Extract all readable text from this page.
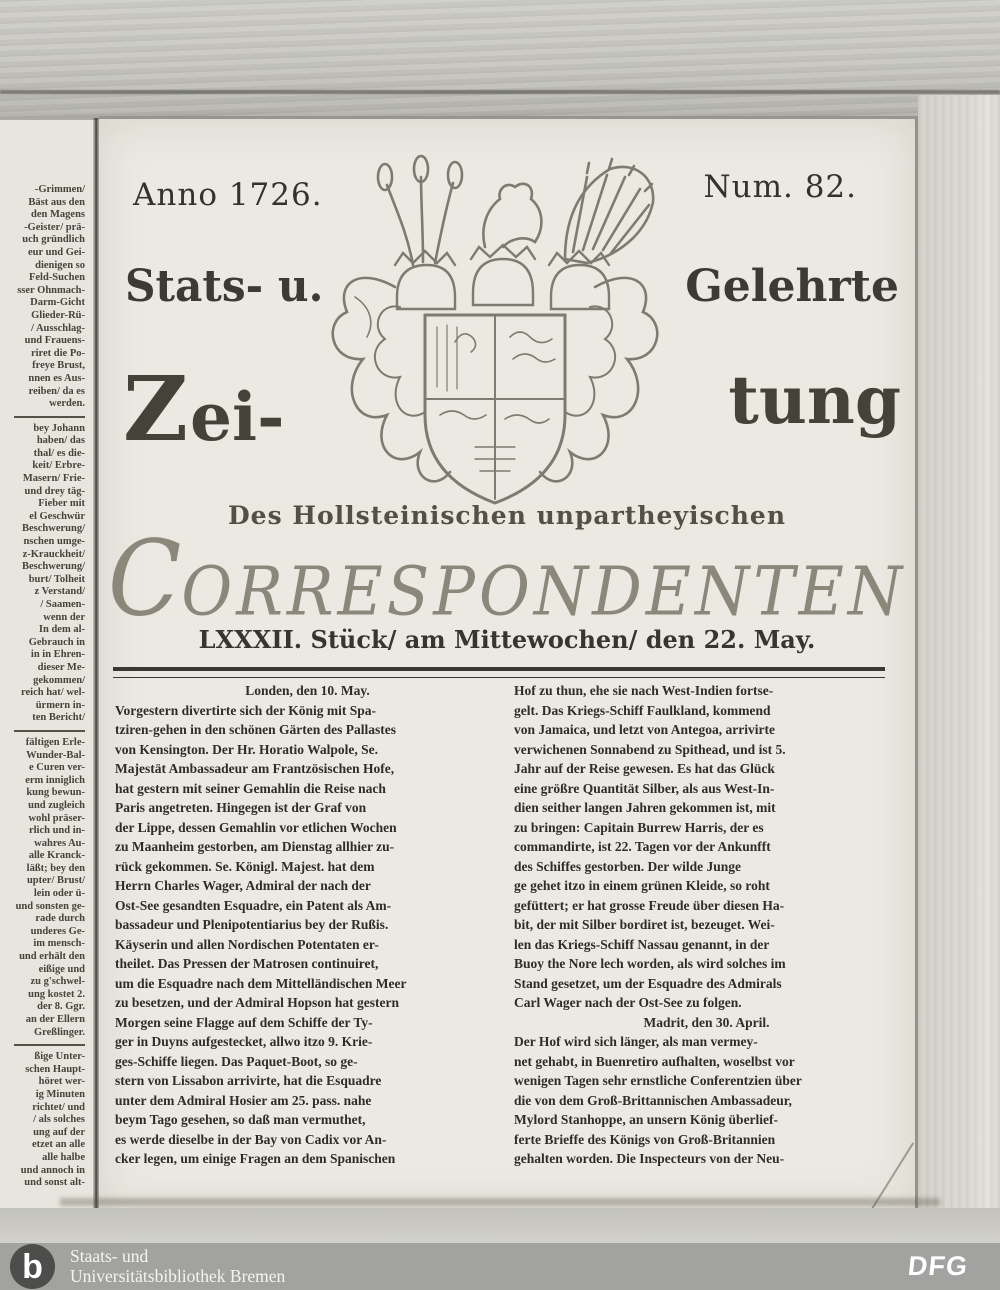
-Grimmen/
Bäst aus den
den Magens
-Geister/ prä-
uch gründlich
eur und Gei-
dienigen so
Feld-Suchen
sser Ohnmach-
Darm-Gicht
Glieder-Rü-
/ Ausschlag-
und Frauens-
riret die Po-
freye Brust,
nnen es Aus-
reiben/ da es
werden.
bey Johann
haben/ das
thal/ es die-
keit/ Erbre-
Masern/ Frie-
und drey täg-
Fieber mit
el Geschwür
Beschwerung/
nschen umge-
z-Krauckheit/
Beschwerung/
burt/ Tolheit
z Verstand/
/ Saamen-
wenn der
In dem al-
Gebrauch in
in in Ehren-
dieser Me-
gekommen/
reich hat/ wel-
ürmern in-
ten Bericht/
fältigen Erle-
Wunder-Bal-
e Curen ver-
erm inniglich
kung bewun-
und zugleich
wohl präser-
rlich und in-
wahres Au-
alle Kranck-
läßt; bey den
upter/ Brust/
lein oder ü-
und sonsten ge-
rade durch
underes Ge-
im mensch-
und erhält den
eißige und
zu g'schwel-
ung kostet 2.
der 8. Ggr.
an der Ellern
Greßlinger.
ßige Unter-
schen Haupt-
höret wer-
ig Minuten
richtet/ und
/ als solches
ung auf der
etzet an alle
alle halbe
und annoch in
und sonst alt-
Anno 1726.	Num. 82.
Stats- u.	Gelehrte
Zei-	tung
Des Hollsteinischen unpartheyischen
CORRESPONDENTEN
LXXXII. Stück/ am Mittewochen/ den 22. May.
Londen, den 10. May.
Vorgestern divertirte sich der König mit Spa-
tziren-gehen in den schönen Gärten des Pallastes
von Kensington. Der Hr. Horatio Walpole, Se.
Majestät Ambassadeur am Frantzösischen Hofe,
hat gestern mit seiner Gemahlin die Reise nach
Paris angetreten. Hingegen ist der Graf von
der Lippe, dessen Gemahlin vor etlichen Wochen
zu Maanheim gestorben, am Dienstag allhier zu-
rück gekommen. Se. Königl. Majest. hat dem
Herrn Charles Wager, Admiral der nach der
Ost-See gesandten Esquadre, ein Patent als Am-
bassadeur und Plenipotentiarius bey der Rußis.
Käyserin und allen Nordischen Potentaten er-
theilet. Das Pressen der Matrosen continuiret,
um die Esquadre nach dem Mittelländischen Meer
zu besetzen, und der Admiral Hopson hat gestern
Morgen seine Flagge auf dem Schiffe der Ty-
ger in Duyns aufgestecket, allwo itzo 9. Krie-
ges-Schiffe liegen. Das Paquet-Boot, so ge-
stern von Lissabon arrivirte, hat die Esquadre
unter dem Admiral Hosier am 25. pass. nahe
beym Tago gesehen, so daß man vermuthet,
es werde dieselbe in der Bay von Cadix vor An-
cker legen, um einige Fragen an dem Spanischen
Hof zu thun, ehe sie nach West-Indien fortse-
gelt. Das Kriegs-Schiff Faulkland, kommend
von Jamaica, und letzt von Antegoa, arrivirte
verwichenen Sonnabend zu Spithead, und ist 5.
Jahr auf der Reise gewesen. Es hat das Glück
eine größre Quantität Silber, als aus West-In-
dien seither langen Jahren gekommen ist, mit
zu bringen: Capitain Burrew Harris, der es
commandirte, ist 22. Tagen vor der Ankunfft
des Schiffes gestorben. Der wilde Junge
ge gehet itzo in einem grünen Kleide, so roht
gefüttert; er hat grosse Freude über diesen Ha-
bit, der mit Silber bordiret ist, bezeuget. Wei-
len das Kriegs-Schiff Nassau genannt, in der
Buoy the Nore lech worden, als wird solches im
Stand gesetzet, um der Esquadre des Admirals
Carl Wager nach der Ost-See zu folgen.
Madrit, den 30. April.
Der Hof wird sich länger, als man vermey-
net gehabt, in Buenretiro aufhalten, woselbst vor
wenigen Tagen sehr ernstliche Conferentzien über
die von dem Groß-Brittannischen Ambassadeur,
Mylord Stanhoppe, an unsern König überlief-
ferte Brieffe des Königs von Groß-Britannien
gehalten worden. Die Inspecteurs von der Neu-
b Staats- und
Universitätsbibliothek Bremen	DFG
